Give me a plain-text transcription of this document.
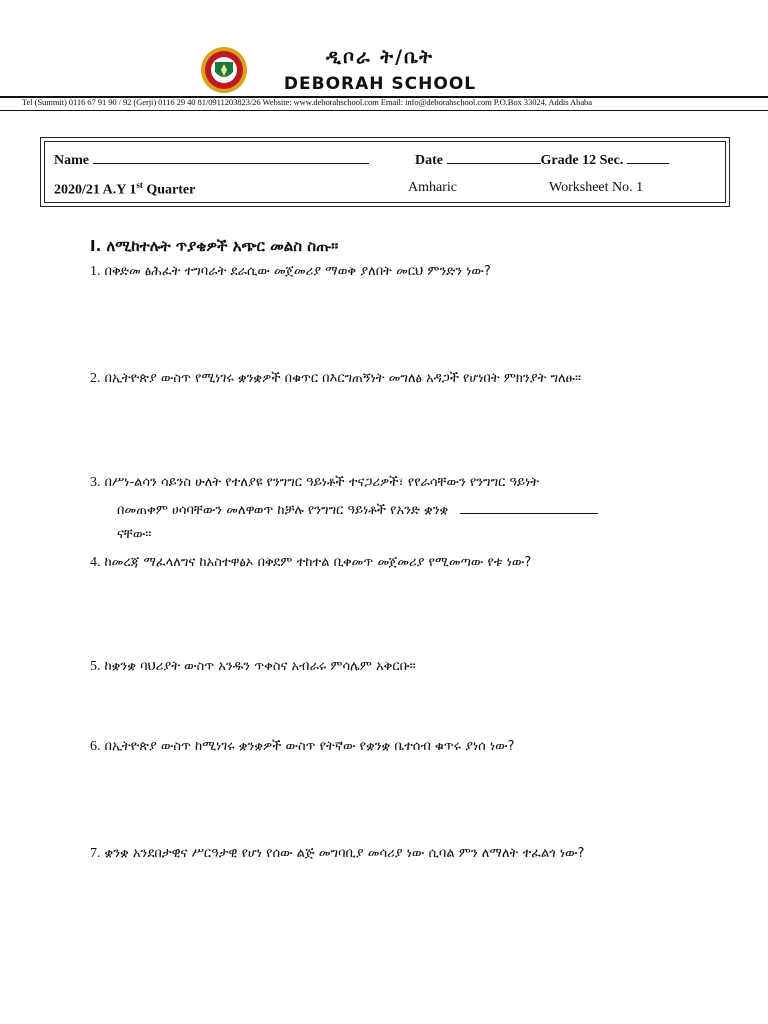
ዲቦራ ት/ቤት
DEBORAH SCHOOL
Tel (Summit) 0116 67 91 90 / 92 (Gerji) 0116 29 40 81/0911203823/26 Website: www.deborahschool.com Email: info@deborahschool.com P.O.Box 33024, Addis Ababa
Name	Date	Grade 12 Sec.
2020/21 A.Y 1st Quarter	Amharic	Worksheet No. 1
I. ለሚከተሉት ጥያቄዎች አጭር መልስ ስጡ።
1. በቅድመ ፅሕፈት ተግባራት ደራሲው መጀመሪያ ማወቅ ያለበት መርህ ምንድን ነው?
2. በኢትዮጵያ ውስጥ የሚነገሩ ቋንቋዎች በቁጥር በእርግጠኝነት መግለፅ አዳጋች የሆነበት ምክንያት ግለፁ።
3. በሥነ-ልሳን ሳይንስ ሁለት የተለያዩ የንግግር ዓይነቶች ተናጋሪዎች፣ የየራሳቸውን የንግግር ዓይነት
በመጠቀም ሀሳባቸውን መለዋወጥ ከቻሉ የንግግር ዓይነቶች የአንድ ቋንቋ
ናቸው።
4. ከመረጃ ማፈላለግና ከአስተዋፅኦ በቅደም ተከተል ቢቀመጥ መጀመሪያ የሚመጣው የቱ ነው?
5. ከቋንቋ ባህሪያት ውስጥ አንዱን ጥቀስና አብራሩ ምሳሌም አቅርቡ።
6. በኢትዮጵያ ውስጥ ከሚነገሩ ቋንቋዎች ውስጥ የትኛው የቋንቋ ቤተሰብ ቁጥሩ ያነሰ ነው?
7. ቋንቋ አንደበታዊና ሥርዓታዊ የሆነ የሰው ልጅ መግባቢያ መሳሪያ ነው ሲባል ምን ለማለት ተፈልጎ ነው?
